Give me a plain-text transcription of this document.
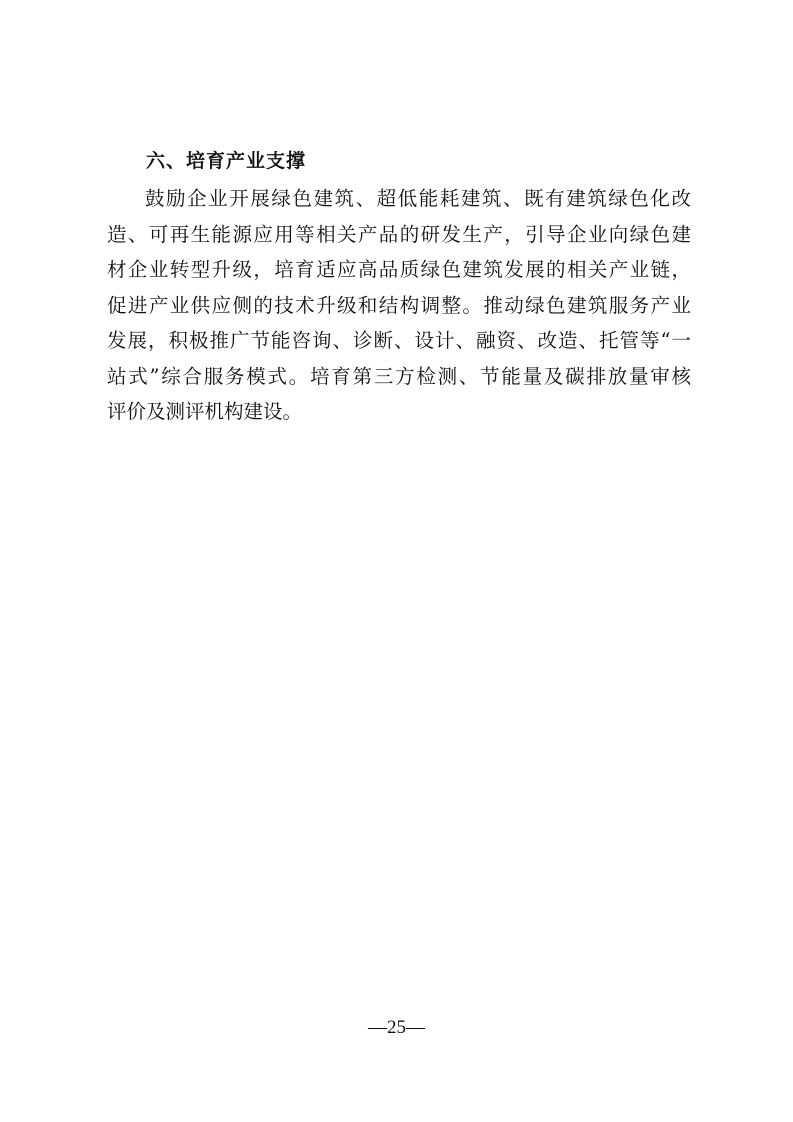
六、培育产业支撑
鼓励企业开展绿色建筑、超低能耗建筑、既有建筑绿色化改
造、可再生能源应用等相关产品的研发生产，引导企业向绿色建
材企业转型升级，培育适应高品质绿色建筑发展的相关产业链，
促进产业供应侧的技术升级和结构调整。推动绿色建筑服务产业
发展，积极推广节能咨询、诊断、设计、融资、改造、托管等“一
站式”综合服务模式。培育第三方检测、节能量及碳排放量审核
评价及测评机构建设。
—25—
